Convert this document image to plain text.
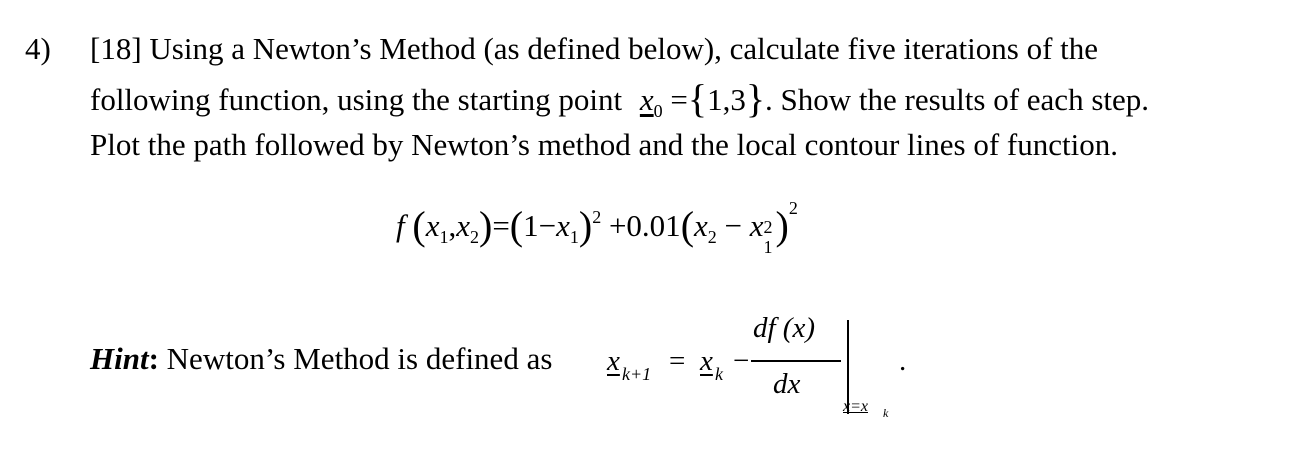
4) [18] Using a Newton’s Method (as defined below), calculate five iterations of the
following function, using the starting point $x_0 =\{1,3\}$. Show the results of each step.
Plot the path followed by Newton’s method and the local contour lines of function.
f $(x_1,x_2)=(1-x_1)^2 +0.01(x_2 - x$ 2
1 )$^2$
Hint: Newton’s Method is defined as x k+1 = x k −
df (x)
dx
x=x k
.
